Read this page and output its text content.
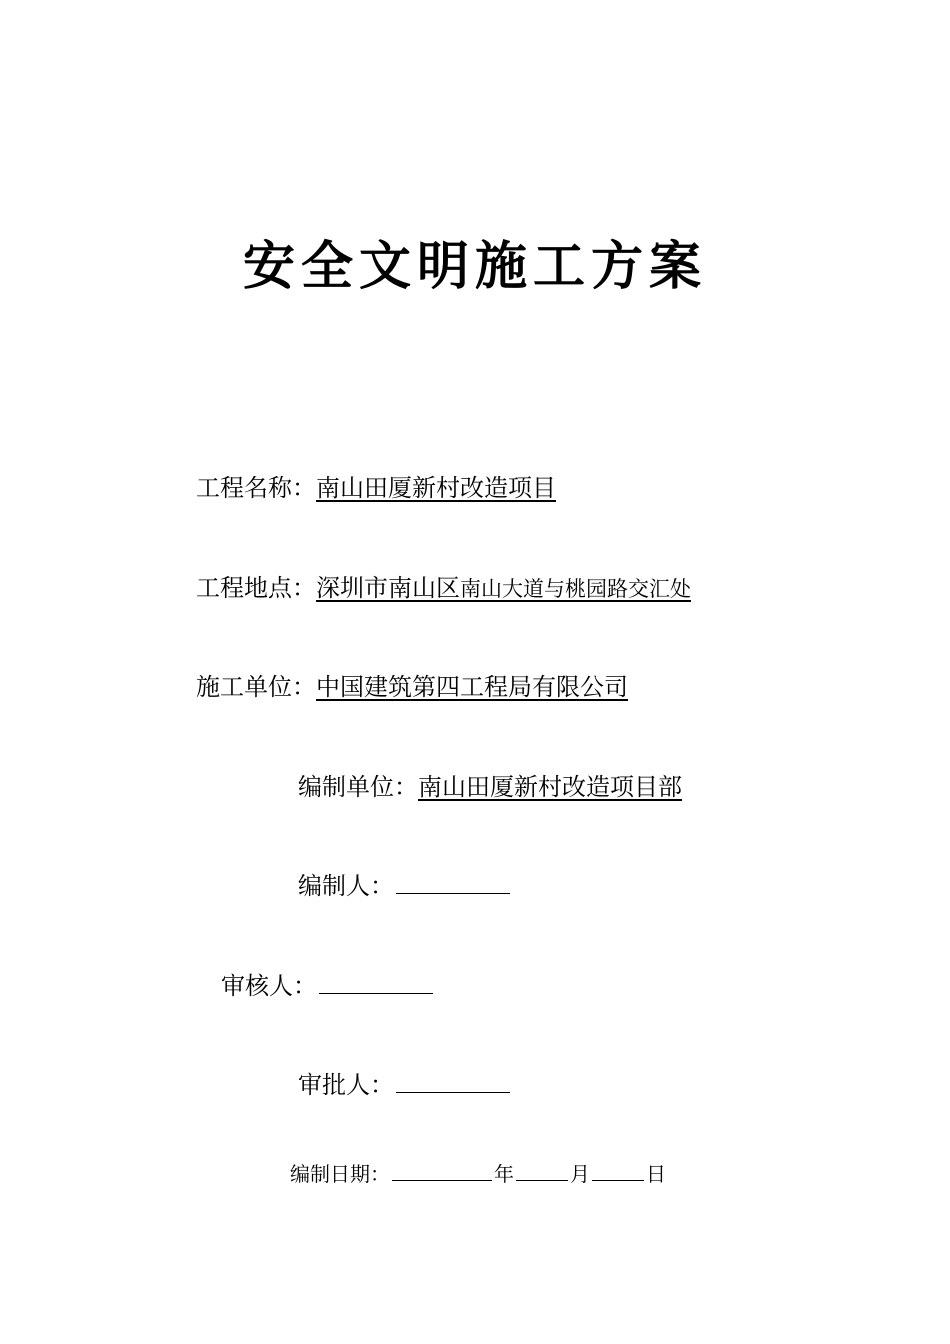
安全文明施工方案
工程名称：南山田厦新村改造项目
工程地点：深圳市南山区南山大道与桃园路交汇处
施工单位：中国建筑第四工程局有限公司
编制单位：南山田厦新村改造项目部
编制人：
审核人：
审批人：
编制日期：	年	月	日
